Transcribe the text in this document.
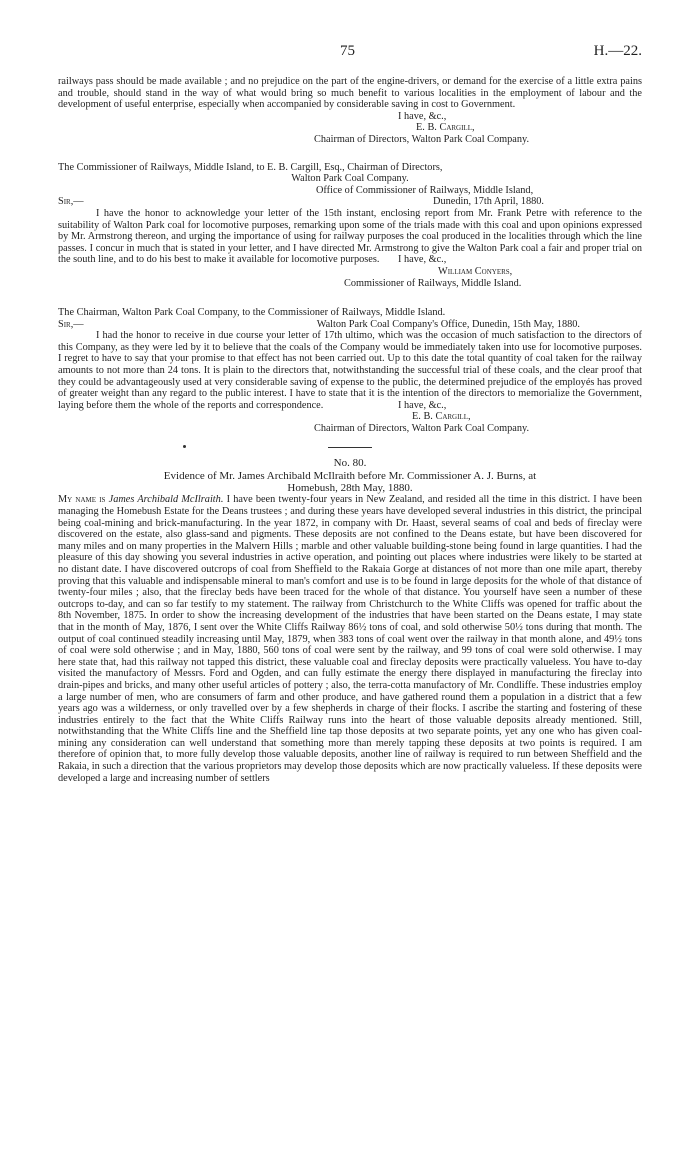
75	H.—22.

railways pass should be made available ; and no prejudice on the part of the engine-drivers, or demand for the exercise of a little extra pains and trouble, should stand in the way of what would bring so much benefit to various localities in the employment of labour and the development of useful enterprise, especially when accompanied by considerable saving in cost to Government.

I have, &c.,
E. B. Cargill,
Chairman of Directors, Walton Park Coal Company.

The Commissioner of Railways, Middle Island, to E. B. Cargill, Esq., Chairman of Directors,

Walton Park Coal Company.
Office of Commissioner of Railways, Middle Island,
Sir,—	Dunedin, 17th April, 1880.

I have the honor to acknowledge your letter of the 15th instant, enclosing report from Mr. Frank Petre with reference to the suitability of Walton Park coal for locomotive purposes, remarking upon some of the trials made with this coal and upon opinions expressed by Mr. Armstrong thereon, and urging the importance of using for railway purposes the coal produced in the localities through which the line passes. I concur in much that is stated in your letter, and I have directed Mr. Armstrong to give the Walton Park coal a fair and proper trial on the south line, and to do his best to make it available for locomotive purposes.	I have, &c.,
William Conyers,
Commissioner of Railways, Middle Island.

The Chairman, Walton Park Coal Company, to the Commissioner of Railways, Middle Island.

Sir,—	Walton Park Coal Company's Office, Dunedin, 15th May, 1880.

I had the honor to receive in due course your letter of 17th ultimo, which was the occasion of much satisfaction to the directors of this Company, as they were led by it to believe that the coals of the Company would be immediately taken into use for locomotive purposes. I regret to have to say that your promise to that effect has not been carried out. Up to this date the total quantity of coal taken for the railway amounts to not more than 24 tons. It is plain to the directors that, notwithstanding the successful trial of these coals, and the clear proof that they could be advantageously used at very considerable saving of expense to the public, the determined prejudice of the employés has proved of greater weight than any regard to the public interest. I have to state that it is the intention of the directors to memorialize the Government, laying before them the whole of the reports and correspondence.	I have, &c.,
E. B. Cargill,
Chairman of Directors, Walton Park Coal Company.
No. 80.
Evidence of Mr. James Archibald McIlraith before Mr. Commissioner A. J. Burns, at
Homebush, 28th May, 1880.

My name is James Archibald McIlraith. I have been twenty-four years in New Zealand, and resided all the time in this district. I have been managing the Homebush Estate for the Deans trustees ; and during these years have developed several industries in this district, the principal being coal-mining and brick-manufacturing. In the year 1872, in company with Dr. Haast, several seams of coal and beds of fireclay were discovered on the estate, also glass-sand and pigments. These deposits are not confined to the Deans estate, but have been discovered for many miles and on many properties in the Malvern Hills ; marble and other valuable building-stone being found in large quantities. I had the pleasure of this day showing you several industries in active operation, and pointing out places where industries were likely to be started at no distant date. I have discovered outcrops of coal from Sheffield to the Rakaia Gorge at distances of not more than one mile apart, thereby proving that this valuable and indispensable mineral to man's comfort and use is to be found in large deposits for the whole of that distance of twenty-four miles ; also, that the fireclay beds have been traced for the whole of that distance. You yourself have seen a number of these outcrops to-day, and can so far testify to my statement. The railway from Christchurch to the White Cliffs was opened for traffic about the 8th November, 1875. In order to show the increasing development of the industries that have been started on the Deans estate, I may state that in the month of May, 1876, I sent over the White Cliffs Railway 86½ tons of coal, and sold otherwise 50½ tons during that month. The output of coal continued steadily increasing until May, 1879, when 383 tons of coal went over the railway in that month alone, and 49½ tons of coal were sold otherwise ; and in May, 1880, 560 tons of coal were sent by the railway, and 99 tons of coal were sold otherwise. I may here state that, had this railway not tapped this district, these valuable coal and fireclay deposits were practically valueless. You have to-day visited the manufactory of Messrs. Ford and Ogden, and can fully estimate the energy there displayed in manufacturing the fireclay into drain-pipes and bricks, and many other useful articles of pottery ; also, the terra-cotta manufactory of Mr. Condliffe. These industries employ a large number of men, who are consumers of farm and other produce, and have gathered round them a population in a district that a few years ago was a wilderness, or only travelled over by a few shepherds in charge of their flocks. I ascribe the starting and fostering of these industries entirely to the fact that the White Cliffs Railway runs into the heart of those valuable deposits already mentioned. Still, notwithstanding that the White Cliffs line and the Sheffield line tap those deposits at two separate points, yet any one who has given coal-mining any consideration can well understand that something more than merely tapping these deposits at two points is required. I am therefore of opinion that, to more fully develop those valuable deposits, another line of railway is required to run between Sheffield and the Rakaia, in such a direction that the various proprietors may develop those deposits which are now practically valueless. If these deposits were developed a large and increasing number of settlers
